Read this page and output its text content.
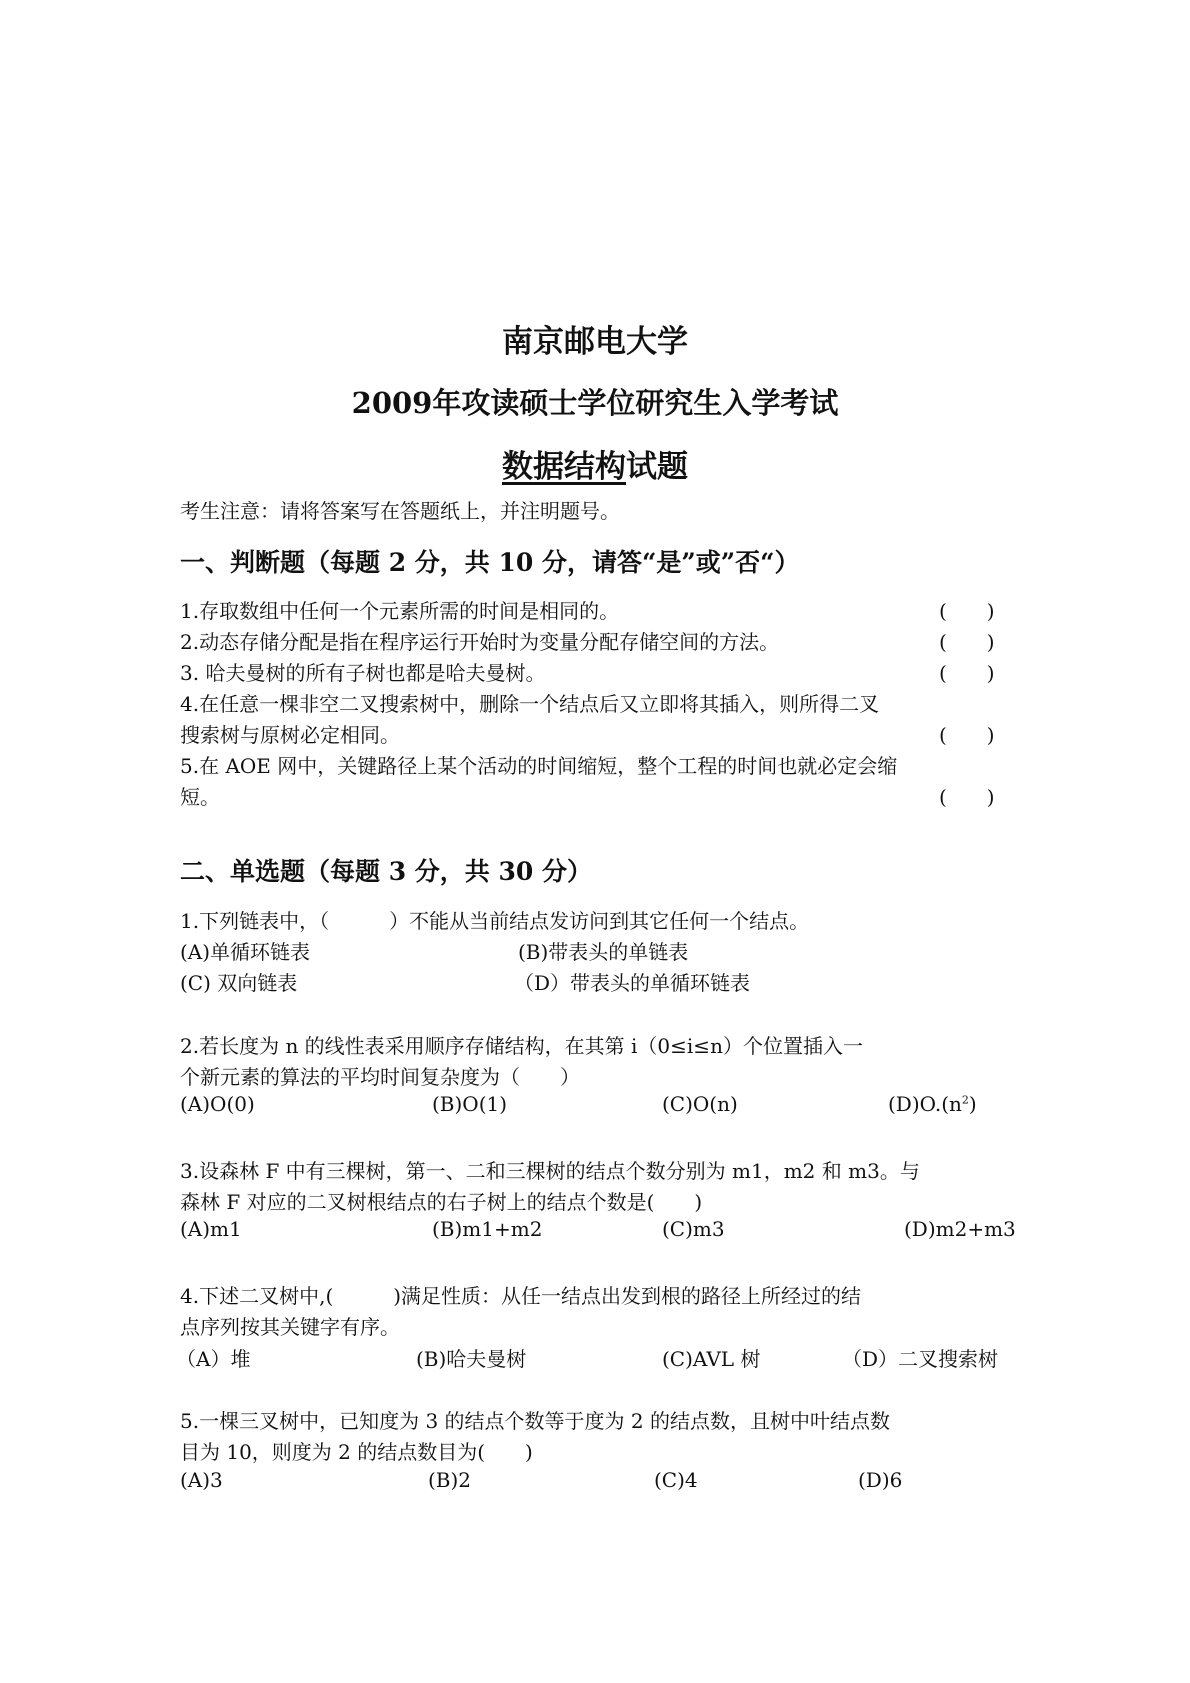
南京邮电大学
2009年攻读硕士学位研究生入学考试
数据结构试题
考生注意：请将答案写在答题纸上，并注明题号。
一、判断题（每题 2 分，共 10 分，请答“是”或”否“）
1.存取数组中任何一个元素所需的时间是相同的。	(　　)
2.动态存储分配是指在程序运行开始时为变量分配存储空间的方法。	(　　)
3. 哈夫曼树的所有子树也都是哈夫曼树。	(　　)
4.在任意一棵非空二叉搜索树中，删除一个结点后又立即将其插入，则所得二叉
搜索树与原树必定相同。	(　　)
5.在 AOE 网中，关键路径上某个活动的时间缩短，整个工程的时间也就必定会缩
短。	(　　)
二、单选题（每题 3 分，共 30 分）
1.下列链表中，（　　　）不能从当前结点发访问到其它任何一个结点。
(A)单循环链表	(B)带表头的单链表
(C) 双向链表	（D）带表头的单循环链表
2.若长度为 n 的线性表采用顺序存储结构，在其第 i（0≤i≤n）个位置插入一
个新元素的算法的平均时间复杂度为（　　）
(A)O(0)	(B)O(1)	(C)O(n)	$(D)O.(n^2)$
3.设森林 F 中有三棵树，第一、二和三棵树的结点个数分别为 m1，m2 和 m3。与
森林 F 对应的二叉树根结点的右子树上的结点个数是(　　)
(A)m1	(B)m1+m2	(C)m3	(D)m2+m3
4.下述二叉树中,(　　　)满足性质：从任一结点出发到根的路径上所经过的结
点序列按其关键字有序。
（A）堆	(B)哈夫曼树	(C)AVL 树	（D）二叉搜索树
5.一棵三叉树中，已知度为 3 的结点个数等于度为 2 的结点数，且树中叶结点数
目为 10，则度为 2 的结点数目为(　　)
(A)3	(B)2	(C)4	(D)6
